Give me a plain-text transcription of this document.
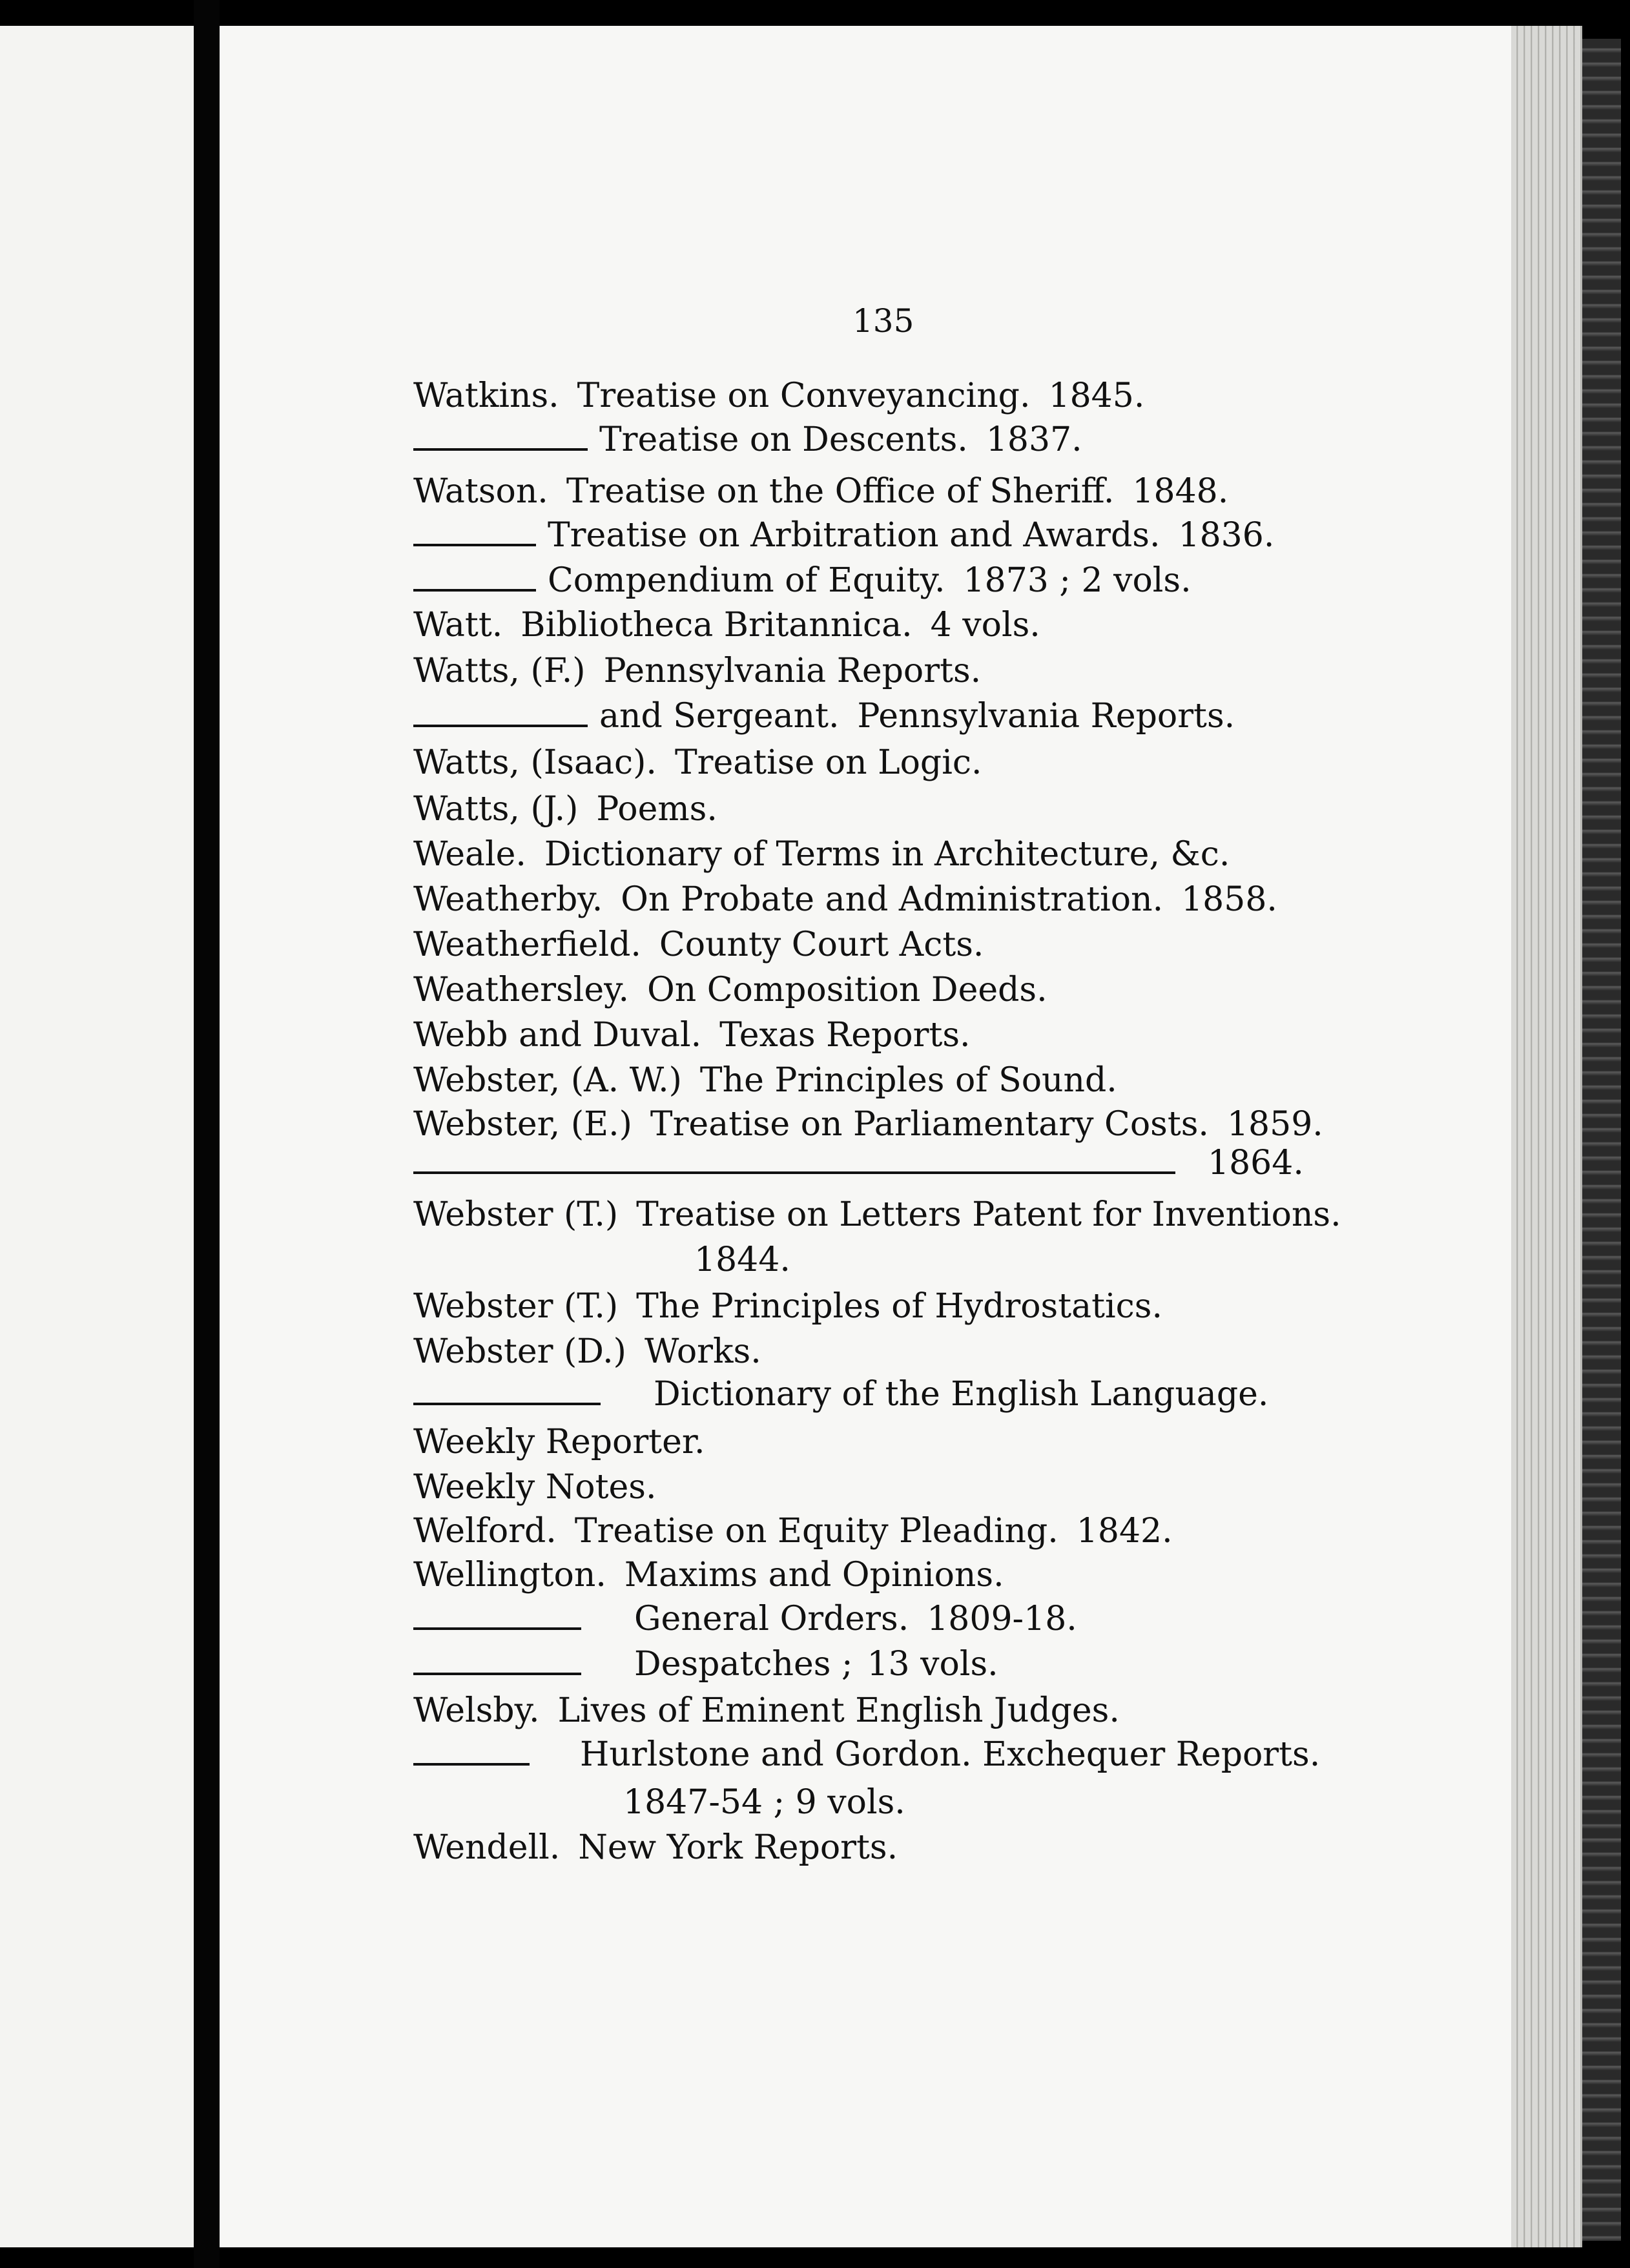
135
Watkins. Treatise on Conveyancing. 1845.
Treatise on Descents. 1837.
Watson. Treatise on the Office of Sheriff. 1848.
Treatise on Arbitration and Awards. 1836.
Compendium of Equity. 1873 ; 2 vols.
Watt. Bibliotheca Britannica. 4 vols.
Watts, (F.) Pennsylvania Reports.
and Sergeant. Pennsylvania Reports.
Watts, (Isaac). Treatise on Logic.
Watts, (J.) Poems.
Weale. Dictionary of Terms in Architecture, &c.
Weatherby. On Probate and Administration. 1858.
Weatherfield. County Court Acts.
Weathersley. On Composition Deeds.
Webb and Duval. Texas Reports.
Webster, (A. W.) The Principles of Sound.
Webster, (E.) Treatise on Parliamentary Costs. 1859.
1864.
Webster (T.) Treatise on Letters Patent for Inventions.
1844.
Webster (T.) The Principles of Hydrostatics.
Webster (D.) Works.
Dictionary of the English Language.
Weekly Reporter.
Weekly Notes.
Welford. Treatise on Equity Pleading. 1842.
Wellington. Maxims and Opinions.
General Orders. 1809-18.
Despatches ; 13 vols.
Welsby. Lives of Eminent English Judges.
Hurlstone and Gordon. Exchequer Reports.
1847-54 ; 9 vols.
Wendell. New York Reports.
